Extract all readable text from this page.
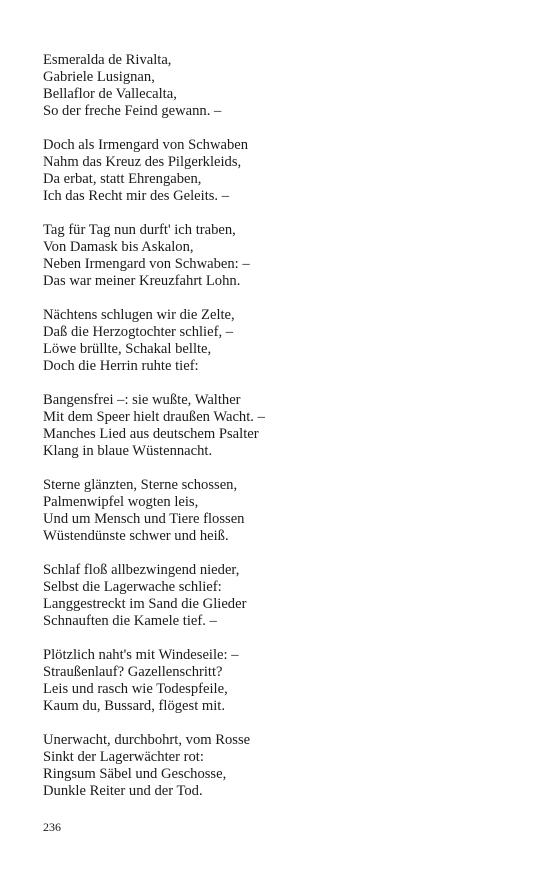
Esmeralda de Rivalta,
Gabriele Lusignan,
Bellaflor de Vallecalta,
So der freche Feind gewann. –
Doch als Irmengard von Schwaben
Nahm das Kreuz des Pilgerkleids,
Da erbat, statt Ehrengaben,
Ich das Recht mir des Geleits. –
Tag für Tag nun durft' ich traben,
Von Damask bis Askalon,
Neben Irmengard von Schwaben: –
Das war meiner Kreuzfahrt Lohn.
Nächtens schlugen wir die Zelte,
Daß die Herzogtochter schlief, –
Löwe brüllte, Schakal bellte,
Doch die Herrin ruhte tief:
Bangensfrei –: sie wußte, Walther
Mit dem Speer hielt draußen Wacht. –
Manches Lied aus deutschem Psalter
Klang in blaue Wüstennacht.
Sterne glänzten, Sterne schossen,
Palmenwipfel wogten leis,
Und um Mensch und Tiere flossen
Wüstendünste schwer und heiß.
Schlaf floß allbezwingend nieder,
Selbst die Lagerwache schlief:
Langgestreckt im Sand die Glieder
Schnauften die Kamele tief. –
Plötzlich naht's mit Windeseile: –
Straußenlauf? Gazellenschritt?
Leis und rasch wie Todespfeile,
Kaum du, Bussard, flögest mit.
Unerwacht, durchbohrt, vom Rosse
Sinkt der Lagerwächter rot:
Ringsum Säbel und Geschosse,
Dunkle Reiter und der Tod.
236
